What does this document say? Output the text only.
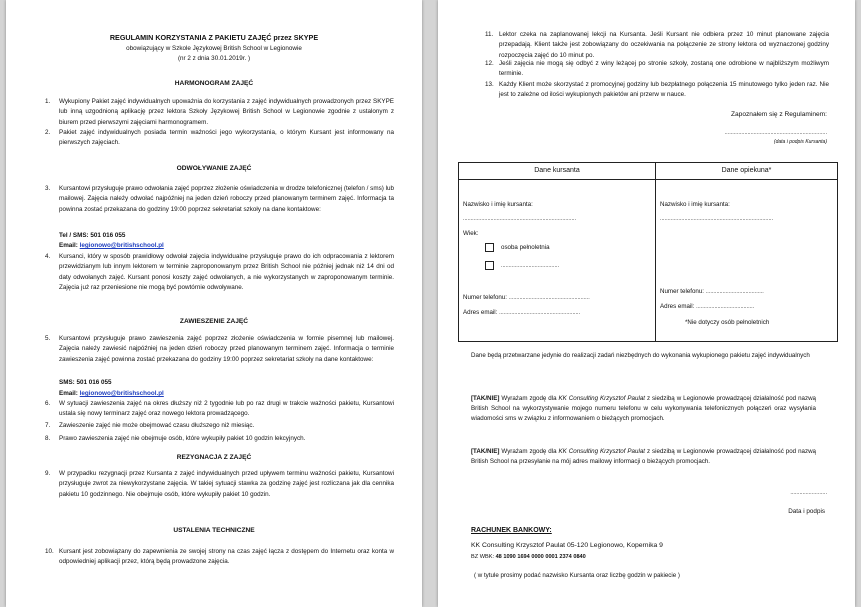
REGULAMIN KORZYSTANIA Z PAKIETU ZAJĘĆ przez SKYPE
obowiązujący w Szkole Językowej British School w Legionowie
(nr 2 z dnia 30.01.2019r. )
HARMONOGRAM ZAJĘĆ
1. Wykupiony Pakiet zajęć indywidualnych upoważnia do korzystania z zajęć indywidualnych prowadzonych przez SKYPE lub inną uzgodnioną aplikację przez lektora Szkoły Językowej British School w Legionowie zgodnie z ustalonym z biurem przed pierwszymi zajęciami harmonogramem.
2. Pakiet zajęć indywidualnych posiada termin ważności jego wykorzystania, o którym Kursant jest informowany na pierwszych zajęciach.
ODWOŁYWANIE ZAJĘĆ
3. Kursantowi przysługuje prawo odwołania zajęć poprzez złożenie oświadczenia w drodze telefonicznej (telefon / sms) lub mailowej. Zajęcia należy odwołać najpóźniej na jeden dzień roboczy przed planowanym terminem zajęć. Informacja ta powinna zostać przekazana do godziny 19:00 poprzez sekretariat szkoły na dane kontaktowe:
Tel / SMS: 501 016 055
Email: legionowo@britishschool.pl
4. Kursanci, który w sposób prawidłowy odwołał zajęcia indywidualne przysługuje prawo do ich odpracowania z lektorem przewidzianym lub innym lektorem w terminie zaproponowanym przez British School nie później jednak niż 14 dni od daty odwołanych zajęć. Kursant ponosi koszty zajęć odwołanych, a nie wykorzystanych w zaproponowanym terminie. Zajęcia już raz przeniesione nie mogą być powtórnie odwoływane.
ZAWIESZENIE ZAJĘĆ
5. Kursantowi przysługuje prawo zawieszenia zajęć poprzez złożenie oświadczenia w formie pisemnej lub mailowej. Zajęcia należy zawiesić najpóźniej na jeden dzień roboczy przed planowanym terminem zajęć. Informacja o terminie zawieszenia zajęć powinna zostać przekazana do godziny 19:00 poprzez sekretariat szkoły na dane kontaktowe:
SMS: 501 016 055
Email: legionowo@britishschool.pl
6. W sytuacji zawieszenia zajęć na okres dłuższy niż 2 tygodnie lub po raz drugi w trakcie ważności pakietu, Kursantowi ustala się nowy terminarz zajęć oraz nowego lektora prowadzącego.
7. Zawieszenie zajęć nie może obejmować czasu dłuższego niż miesiąc.
8. Prawo zawieszenia zajęć nie obejmuje osób, które wykupiły pakiet 10 godzin lekcyjnych.
REZYGNACJA Z ZAJĘĆ
9. W przypadku rezygnacji przez Kursanta z zajęć indywidualnych przed upływem terminu ważności pakietu, Kursantowi przysługuje zwrot za niewykorzystane zajęcia. W takiej sytuacji stawka za godzinę zajęć jest rozliczana jak dla cennika pakietu 10 godzinnego. Nie obejmuje osób, które wykupiły pakiet 10 godzin.
USTALENIA TECHNICZNE
10. Kursant jest zobowiązany do zapewnienia ze swojej strony na czas zajęć łącza z dostępem do Internetu oraz konta w odpowiedniej aplikacji przez, którą będą prowadzone zajęcia.
11. Lektor czeka na zaplanowanej lekcji na Kursanta. Jeśli Kursant nie odbiera przez 10 minut planowane zajęcia przepadają. Klient także jest zobowiązany do oczekiwania na połączenie ze strony lektora od wyznaczonej godziny rozpoczęcia zajęć do 10 minut po.
12. Jeśli zajęcia nie mogą się odbyć z winy leżącej po stronie szkoły, zostaną one odrobione w najbliższym możliwym terminie.
13. Każdy Klient może skorzystać z promocyjnej godziny lub bezpłatnego połączenia 15 minutowego tylko jeden raz. Nie jest to zależne od ilości wykupionych pakietów ani przerw w nauce.
Zapoznałem się z Regulaminem:
...................................................................
(data i podpis Kursanta)
Dane kursanta	Dane opiekuna*
Nazwisko i imię kursanta:
..........................................................................
Wiek:
osoba pełnoletnia
......................................
Numer telefonu: .....................................................
Adres email: .....................................................
Nazwisko i imię kursanta:
..........................................................................
Numer telefonu: ......................................
Adres email: ......................................
*Nie dotyczy osób pełnoletnich
Dane będą przetwarzane jedynie do realizacji zadań niezbędnych do wykonania wykupionego pakietu zajęć indywidualnych
[TAK/NIE] Wyrażam zgodę dla KK Consulting Krzysztof Paulat z siedzibą w Legionowie prowadzącej działalność pod nazwą British School na wykorzystywanie mojego numeru telefonu w celu wykonywania telefonicznych połączeń oraz wysyłania wiadomości sms w związku z informowaniem o bieżących promocjach.
[TAK/NIE] Wyrażam zgodę dla KK Consulting Krzysztof Paulat z siedzibą w Legionowie prowadzącej działalność pod nazwą British School na przesyłanie na mój adres mailowy informacji o bieżących promocjach.
........................
Data i podpis
RACHUNEK BANKOWY:
KK Consulting Krzysztof Paulat 05-120 Legionowo, Kopernika 9
BZ WBK: 48 1090 1694 0000 0001 2374 0840
( w tytule prosimy podać nazwisko Kursanta oraz liczbę godzin w pakiecie )
